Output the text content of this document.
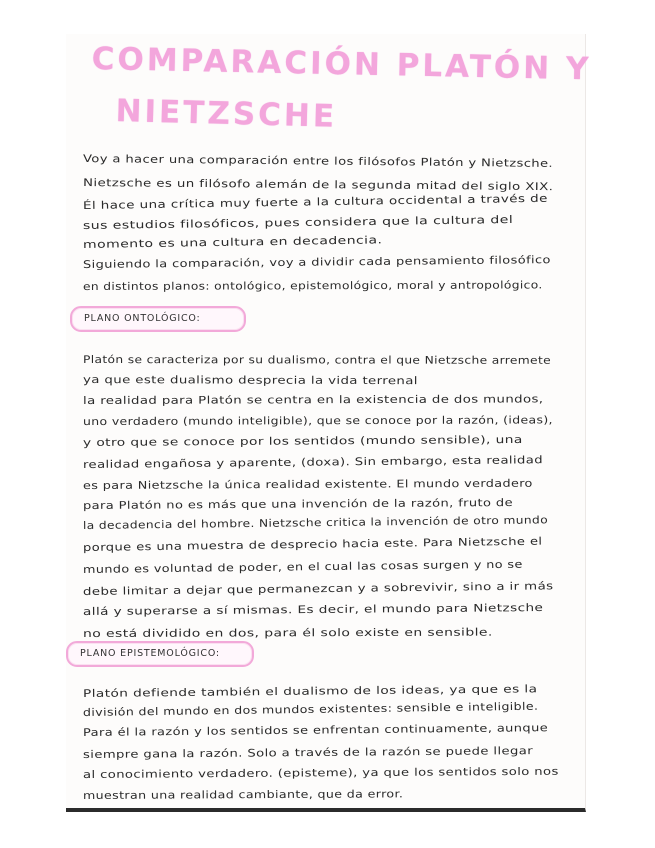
COMPARACIÓN PLATÓN Y
NIETZSCHE
Voy a hacer una comparación entre los filósofos Platón y Nietzsche.
Nietzsche es un filósofo alemán de la segunda mitad del siglo XIX.
Él hace una crítica muy fuerte a la cultura occidental a través de
sus estudios filosóficos, pues considera que la cultura del
momento es una cultura en decadencia.
Siguiendo la comparación, voy a dividir cada pensamiento filosófico
en distintos planos: ontológico, epistemológico, moral y antropológico.
PLANO ONTOLÓGICO:
Platón se caracteriza por su dualismo, contra el que Nietzsche arremete
ya que este dualismo desprecia la vida terrenal
la realidad para Platón se centra en la existencia de dos mundos,
uno verdadero (mundo inteligible), que se conoce por la razón, (ideas),
y otro que se conoce por los sentidos (mundo sensible), una
realidad engañosa y aparente, (doxa). Sin embargo, esta realidad
es para Nietzsche la única realidad existente. El mundo verdadero
para Platón no es más que una invención de la razón, fruto de
la decadencia del hombre. Nietzsche critica la invención de otro mundo
porque es una muestra de desprecio hacia este. Para Nietzsche el
mundo es voluntad de poder, en el cual las cosas surgen y no se
debe limitar a dejar que permanezcan y a sobrevivir, sino a ir más
allá y superarse a sí mismas. Es decir, el mundo para Nietzsche
no está dividido en dos, para él solo existe en sensible.
PLANO EPISTEMOLÓGICO:
Platón defiende también el dualismo de los ideas, ya que es la
división del mundo en dos mundos existentes: sensible e inteligible.
Para él la razón y los sentidos se enfrentan continuamente, aunque
siempre gana la razón. Solo a través de la razón se puede llegar
al conocimiento verdadero. (episteme), ya que los sentidos solo nos
muestran una realidad cambiante, que da error.
